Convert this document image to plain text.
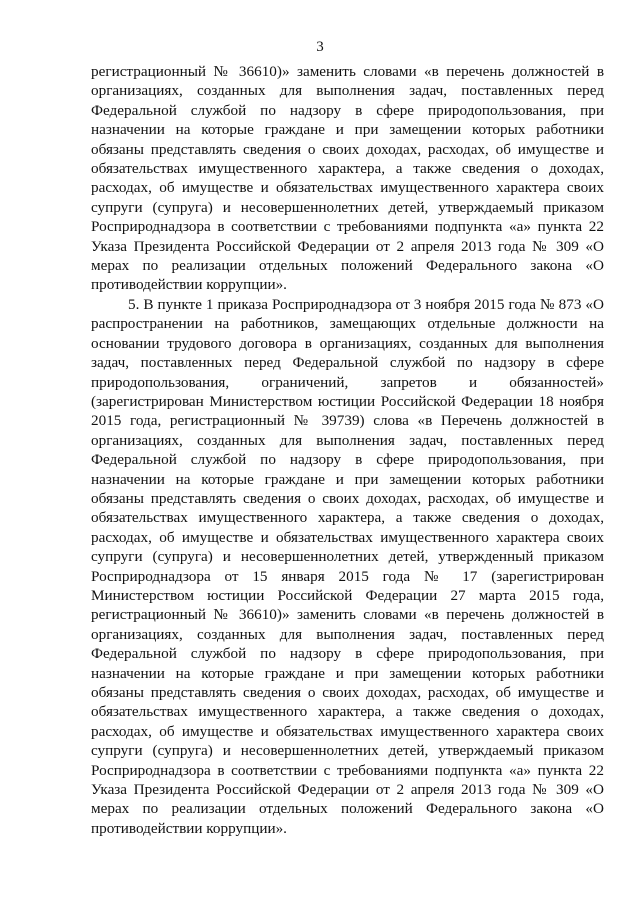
3

регистрационный № 36610)» заменить словами «в перечень должностей в организациях, созданных для выполнения задач, поставленных перед Федеральной службой по надзору в сфере природопользования, при назначении на которые граждане и при замещении которых работники обязаны представлять сведения о своих доходах, расходах, об имуществе и обязательствах имущественного характера, а также сведения о доходах, расходах, об имуществе и обязательствах имущественного характера своих супруги (супруга) и несовершеннолетних детей, утверждаемый приказом Росприроднадзора в соответствии с требованиями подпункта «а» пункта 22 Указа Президента Российской Федерации от 2 апреля 2013 года № 309 «О мерах по реализации отдельных положений Федерального закона «О противодействии коррупции».

5. В пункте 1 приказа Росприроднадзора от 3 ноября 2015 года № 873 «О распространении на работников, замещающих отдельные должности на основании трудового договора в организациях, созданных для выполнения задач, поставленных перед Федеральной службой по надзору в сфере природопользования, ограничений, запретов и обязанностей» (зарегистрирован Министерством юстиции Российской Федерации 18 ноября 2015 года, регистрационный № 39739) слова «в Перечень должностей в организациях, созданных для выполнения задач, поставленных перед Федеральной службой по надзору в сфере природопользования, при назначении на которые граждане и при замещении которых работники обязаны представлять сведения о своих доходах, расходах, об имуществе и обязательствах имущественного характера, а также сведения о доходах, расходах, об имуществе и обязательствах имущественного характера своих супруги (супруга) и несовершеннолетних детей, утвержденный приказом Росприроднадзора от 15 января 2015 года № 17 (зарегистрирован Министерством юстиции Российской Федерации 27 марта 2015 года, регистрационный № 36610)» заменить словами «в перечень должностей в организациях, созданных для выполнения задач, поставленных перед Федеральной службой по надзору в сфере природопользования, при назначении на которые граждане и при замещении которых работники обязаны представлять сведения о своих доходах, расходах, об имуществе и обязательствах имущественного характера, а также сведения о доходах, расходах, об имуществе и обязательствах имущественного характера своих супруги (супруга) и несовершеннолетних детей, утверждаемый приказом Росприроднадзора в соответствии с требованиями подпункта «а» пункта 22 Указа Президента Российской Федерации от 2 апреля 2013 года № 309 «О мерах по реализации отдельных положений Федерального закона «О противодействии коррупции».
